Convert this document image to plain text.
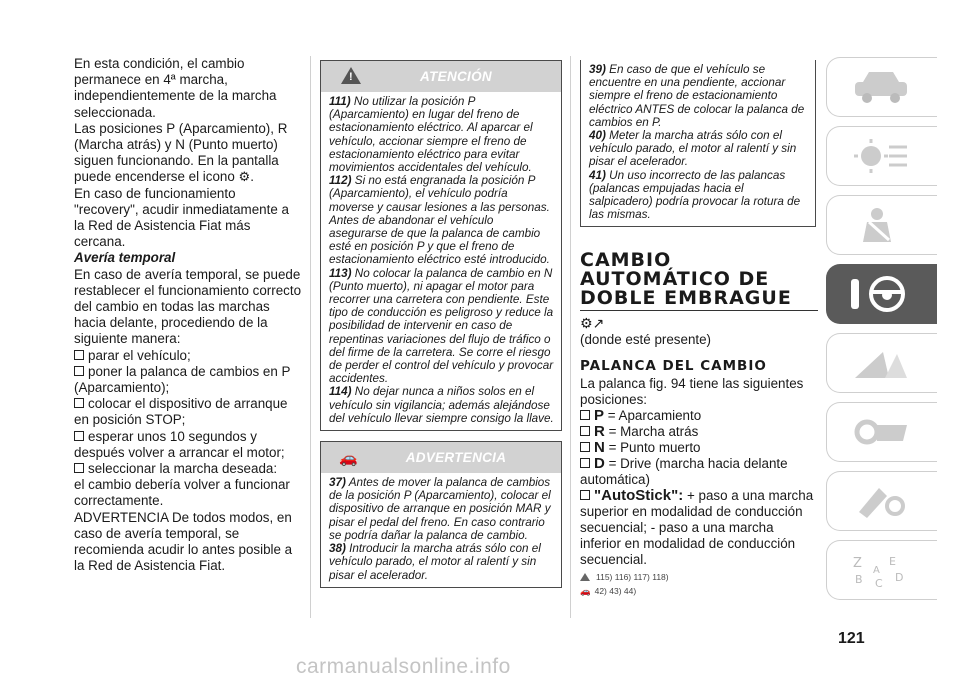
En esta condición, el cambio permanece en 4ª marcha, independientemente de la marcha seleccionada.

Las posiciones P (Aparcamiento), R (Marcha atrás) y N (Punto muerto) siguen funcionando. En la pantalla puede encenderse el icono ⚙.

En caso de funcionamiento "recovery", acudir inmediatamente a la Red de Asistencia Fiat más cercana.

Avería temporal

En caso de avería temporal, se puede restablecer el funcionamiento correcto del cambio en todas las marchas hacia delante, procediendo de la siguiente manera:

parar el vehículo;
poner la palanca de cambios en P (Aparcamiento);
colocar el dispositivo de arranque en posición STOP;
esperar unos 10 segundos y después volver a arrancar el motor;
seleccionar la marcha deseada:

el cambio debería volver a funcionar correctamente.

ADVERTENCIA De todos modos, en caso de avería temporal, se recomienda acudir lo antes posible a la Red de Asistencia Fiat.

!	ATENCIÓN

111) No utilizar la posición P (Aparcamiento) en lugar del freno de estacionamiento eléctrico. Al aparcar el vehículo, accionar siempre el freno de estacionamiento eléctrico para evitar movimientos accidentales del vehículo.

112) Si no está engranada la posición P (Aparcamiento), el vehículo podría moverse y causar lesiones a las personas. Antes de abandonar el vehículo asegurarse de que la palanca de cambio esté en posición P y que el freno de estacionamiento eléctrico esté introducido.

113) No colocar la palanca de cambio en N (Punto muerto), ni apagar el motor para recorrer una carretera con pendiente. Este tipo de conducción es peligroso y reduce la posibilidad de intervenir en caso de repentinas variaciones del flujo de tráfico o del firme de la carretera. Se corre el riesgo de perder el control del vehículo y provocar accidentes.

114) No dejar nunca a niños solos en el vehículo sin vigilancia; además alejándose del vehículo llevar siempre consigo la llave.

🚗	ADVERTENCIA

37) Antes de mover la palanca de cambios de la posición P (Aparcamiento), colocar el dispositivo de arranque en posición MAR y pisar el pedal del freno. En caso contrario se podría dañar la palanca de cambio.

38) Introducir la marcha atrás sólo con el vehículo parado, el motor al ralentí y sin pisar el acelerador.

39) En caso de que el vehículo se encuentre en una pendiente, accionar siempre el freno de estacionamiento eléctrico ANTES de colocar la palanca de cambios en P.

40) Meter la marcha atrás sólo con el vehículo parado, el motor al ralentí y sin pisar el acelerador.

41) Un uso incorrecto de las palancas (palancas empujadas hacia el salpicadero) podría provocar la rotura de las mismas.

CAMBIO
AUTOMÁTICO DE
DOBLE EMBRAGUE
⚙↗
(donde esté presente)
PALANCA DEL CAMBIO
La palanca fig. 94 tiene las siguientes posiciones:
P = Aparcamiento
R = Marcha atrás
N = Punto muerto
D = Drive (marcha hacia delante automática)
"AutoStick": + paso a una marcha superior en modalidad de conducción secuencial; - paso a una marcha inferior en modalidad de conducción secuencial.
115) 116) 117) 118)
🚗 42) 43) 44)
Z E
B C D
A
121
carmanualsonline.info
